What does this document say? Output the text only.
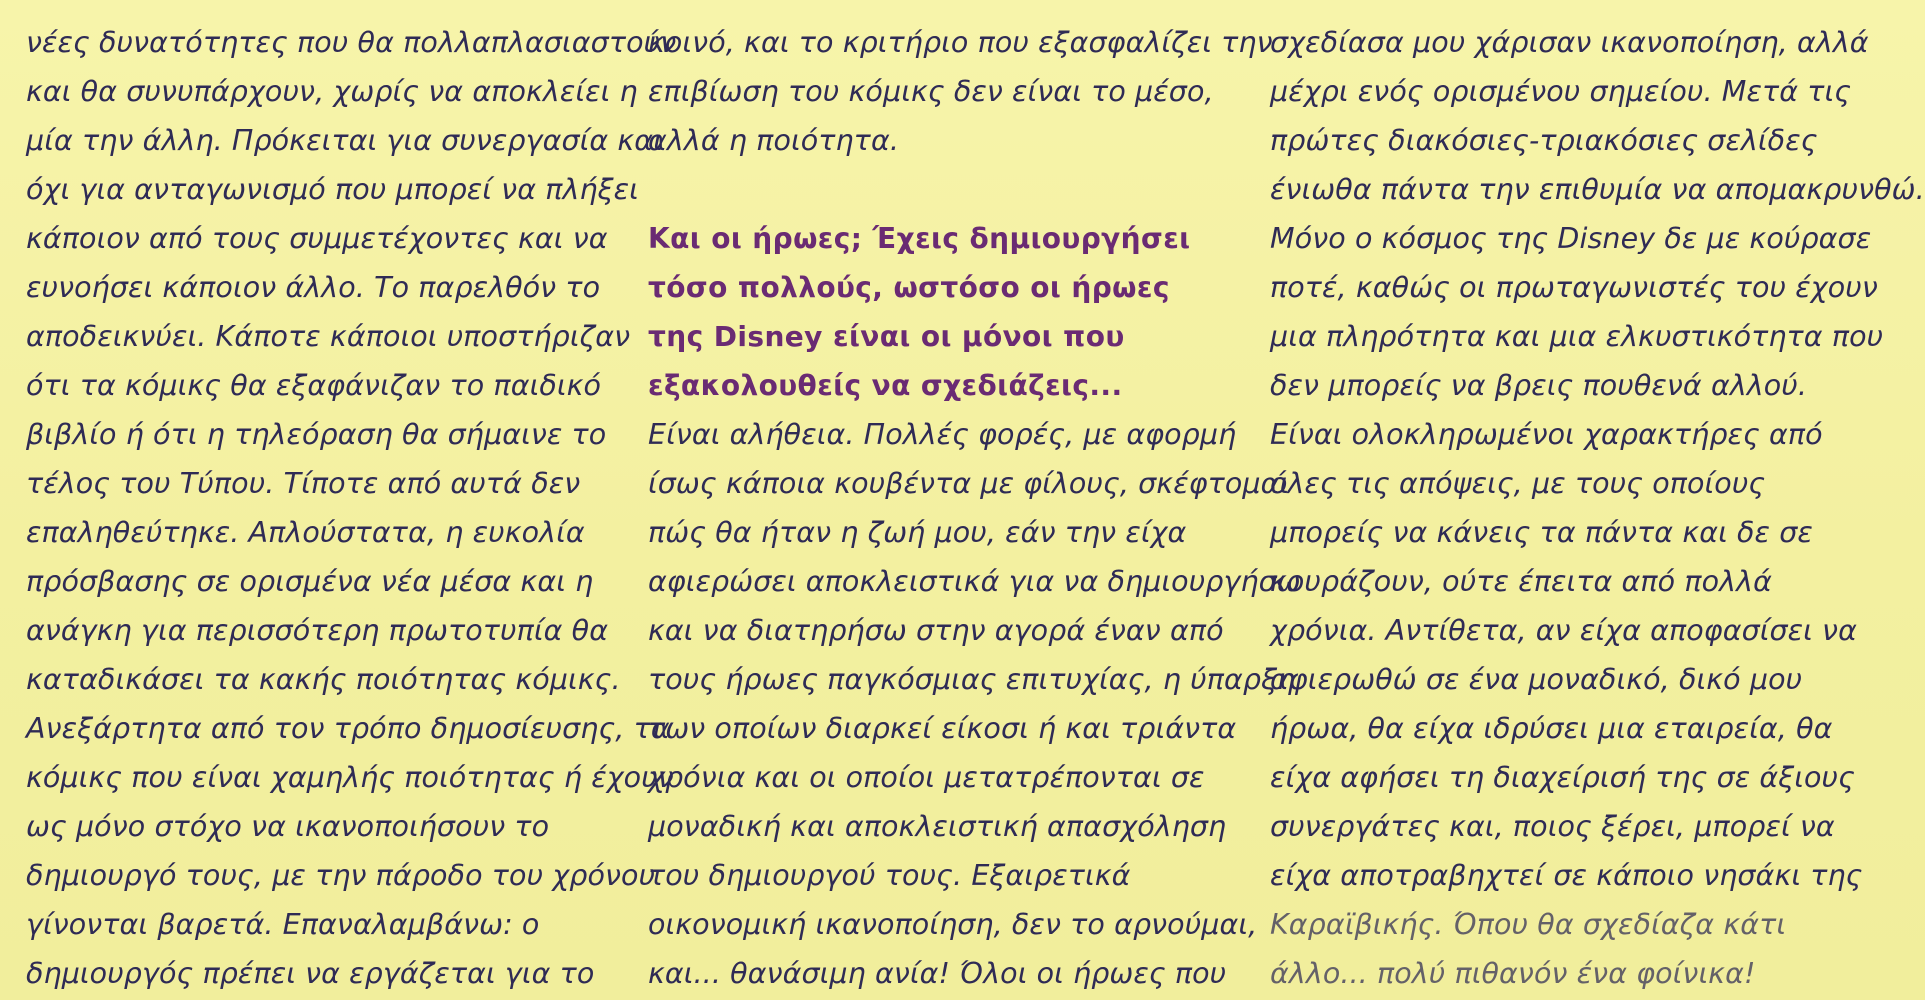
νέες δυνατότητες που θα πολλαπλασιαστούν
και θα συνυπάρχουν, χωρίς να αποκλείει η
μία την άλλη. Πρόκειται για συνεργασία και
όχι για ανταγωνισμό που μπορεί να πλήξει
κάποιον από τους συμμετέχοντες και να
ευνοήσει κάποιον άλλο. Το παρελθόν το
αποδεικνύει. Κάποτε κάποιοι υποστήριζαν
ότι τα κόμικς θα εξαφάνιζαν το παιδικό
βιβλίο ή ότι η τηλεόραση θα σήμαινε το
τέλος του Τύπου. Τίποτε από αυτά δεν
επαληθεύτηκε. Απλούστατα, η ευκολία
πρόσβασης σε ορισμένα νέα μέσα και η
ανάγκη για περισσότερη πρωτοτυπία θα
καταδικάσει τα κακής ποιότητας κόμικς.
Ανεξάρτητα από τον τρόπο δημοσίευσης, τα
κόμικς που είναι χαμηλής ποιότητας ή έχουν
ως μόνο στόχο να ικανοποιήσουν το
δημιουργό τους, με την πάροδο του χρόνου
γίνονται βαρετά. Επαναλαμβάνω: ο
δημιουργός πρέπει να εργάζεται για το
κοινό, και το κριτήριο που εξασφαλίζει την
επιβίωση του κόμικς δεν είναι το μέσο,
αλλά η ποιότητα.
Και οι ήρωες; Έχεις δημιουργήσει
τόσο πολλούς, ωστόσο οι ήρωες
της Disney είναι οι μόνοι που
εξακολουθείς να σχεδιάζεις...
Είναι αλήθεια. Πολλές φορές, με αφορμή
ίσως κάποια κουβέντα με φίλους, σκέφτομαι
πώς θα ήταν η ζωή μου, εάν την είχα
αφιερώσει αποκλειστικά για να δημιουργήσω
και να διατηρήσω στην αγορά έναν από
τους ήρωες παγκόσμιας επιτυχίας, η ύπαρξη
των οποίων διαρκεί είκοσι ή και τριάντα
χρόνια και οι οποίοι μετατρέπονται σε
μοναδική και αποκλειστική απασχόληση
του δημιουργού τους. Εξαιρετικά
οικονομική ικανοποίηση, δεν το αρνούμαι,
και... θανάσιμη ανία! Όλοι οι ήρωες που
σχεδίασα μου χάρισαν ικανοποίηση, αλλά
μέχρι ενός ορισμένου σημείου. Μετά τις
πρώτες διακόσιες-τριακόσιες σελίδες
ένιωθα πάντα την επιθυμία να απομακρυνθώ.
Μόνο ο κόσμος της Disney δε με κούρασε
ποτέ, καθώς οι πρωταγωνιστές του έχουν
μια πληρότητα και μια ελκυστικότητα που
δεν μπορείς να βρεις πουθενά αλλού.
Είναι ολοκληρωμένοι χαρακτήρες από
όλες τις απόψεις, με τους οποίους
μπορείς να κάνεις τα πάντα και δε σε
κουράζουν, ούτε έπειτα από πολλά
χρόνια. Αντίθετα, αν είχα αποφασίσει να
αφιερωθώ σε ένα μοναδικό, δικό μου
ήρωα, θα είχα ιδρύσει μια εταιρεία, θα
είχα αφήσει τη διαχείρισή της σε άξιους
συνεργάτες και, ποιος ξέρει, μπορεί να
είχα αποτραβηχτεί σε κάποιο νησάκι της
Καραϊβικής. Όπου θα σχεδίαζα κάτι
άλλο... πολύ πιθανόν ένα φοίνικα!
